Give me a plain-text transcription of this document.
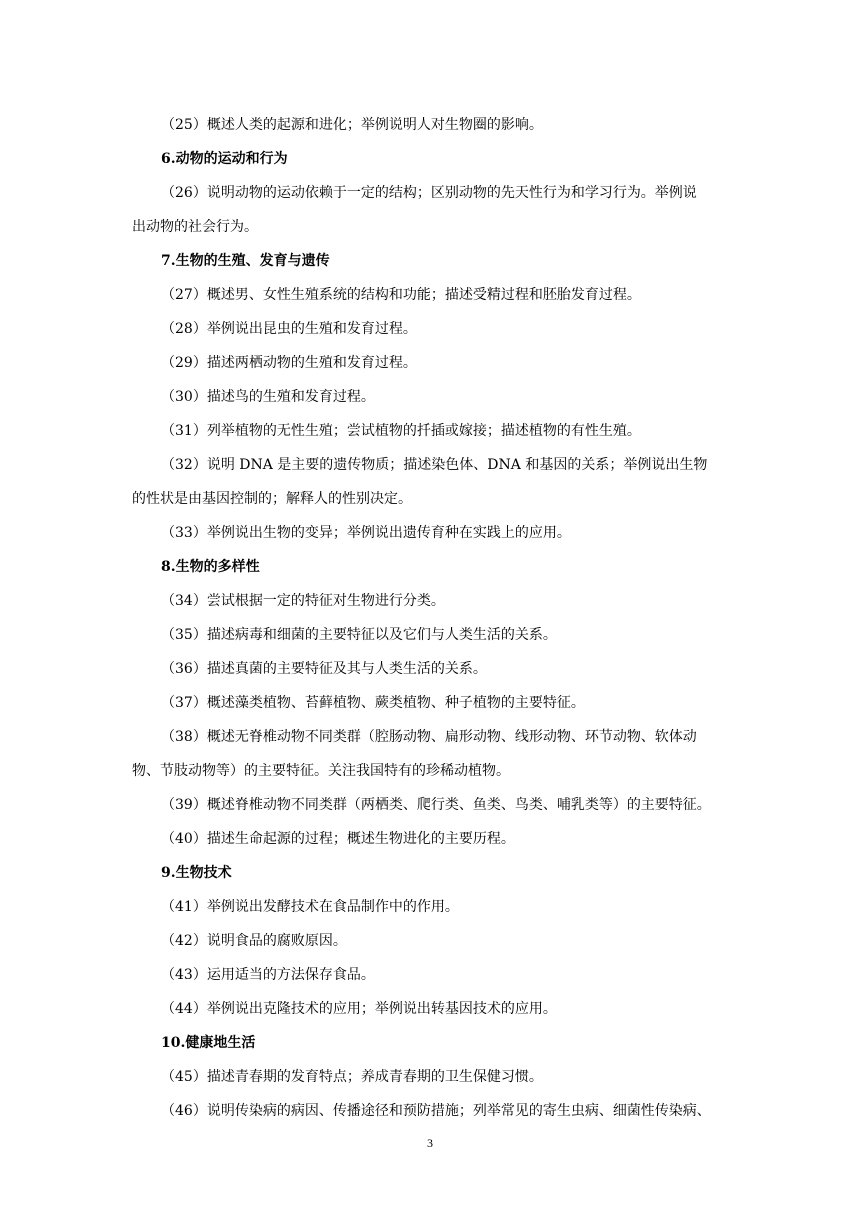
（25）概述人类的起源和进化；举例说明人对生物圈的影响。

6.动物的运动和行为

（26）说明动物的运动依赖于一定的结构；区别动物的先天性行为和学习行为。举例说

出动物的社会行为。

7.生物的生殖、发育与遗传

（27）概述男、女性生殖系统的结构和功能；描述受精过程和胚胎发育过程。

（28）举例说出昆虫的生殖和发育过程。

（29）描述两栖动物的生殖和发育过程。

（30）描述鸟的生殖和发育过程。

（31）列举植物的无性生殖；尝试植物的扦插或嫁接；描述植物的有性生殖。

（32）说明 DNA 是主要的遗传物质；描述染色体、DNA 和基因的关系；举例说出生物

的性状是由基因控制的；解释人的性别决定。

（33）举例说出生物的变异；举例说出遗传育种在实践上的应用。

8.生物的多样性

（34）尝试根据一定的特征对生物进行分类。

（35）描述病毒和细菌的主要特征以及它们与人类生活的关系。

（36）描述真菌的主要特征及其与人类生活的关系。

（37）概述藻类植物、苔藓植物、蕨类植物、种子植物的主要特征。

（38）概述无脊椎动物不同类群（腔肠动物、扁形动物、线形动物、环节动物、软体动

物、节肢动物等）的主要特征。关注我国特有的珍稀动植物。

（39）概述脊椎动物不同类群（两栖类、爬行类、鱼类、鸟类、哺乳类等）的主要特征。

（40）描述生命起源的过程；概述生物进化的主要历程。

9.生物技术

（41）举例说出发酵技术在食品制作中的作用。

（42）说明食品的腐败原因。

（43）运用适当的方法保存食品。

（44）举例说出克隆技术的应用；举例说出转基因技术的应用。

10.健康地生活

（45）描述青春期的发育特点；养成青春期的卫生保健习惯。

（46）说明传染病的病因、传播途径和预防措施；列举常见的寄生虫病、细菌性传染病、

3
